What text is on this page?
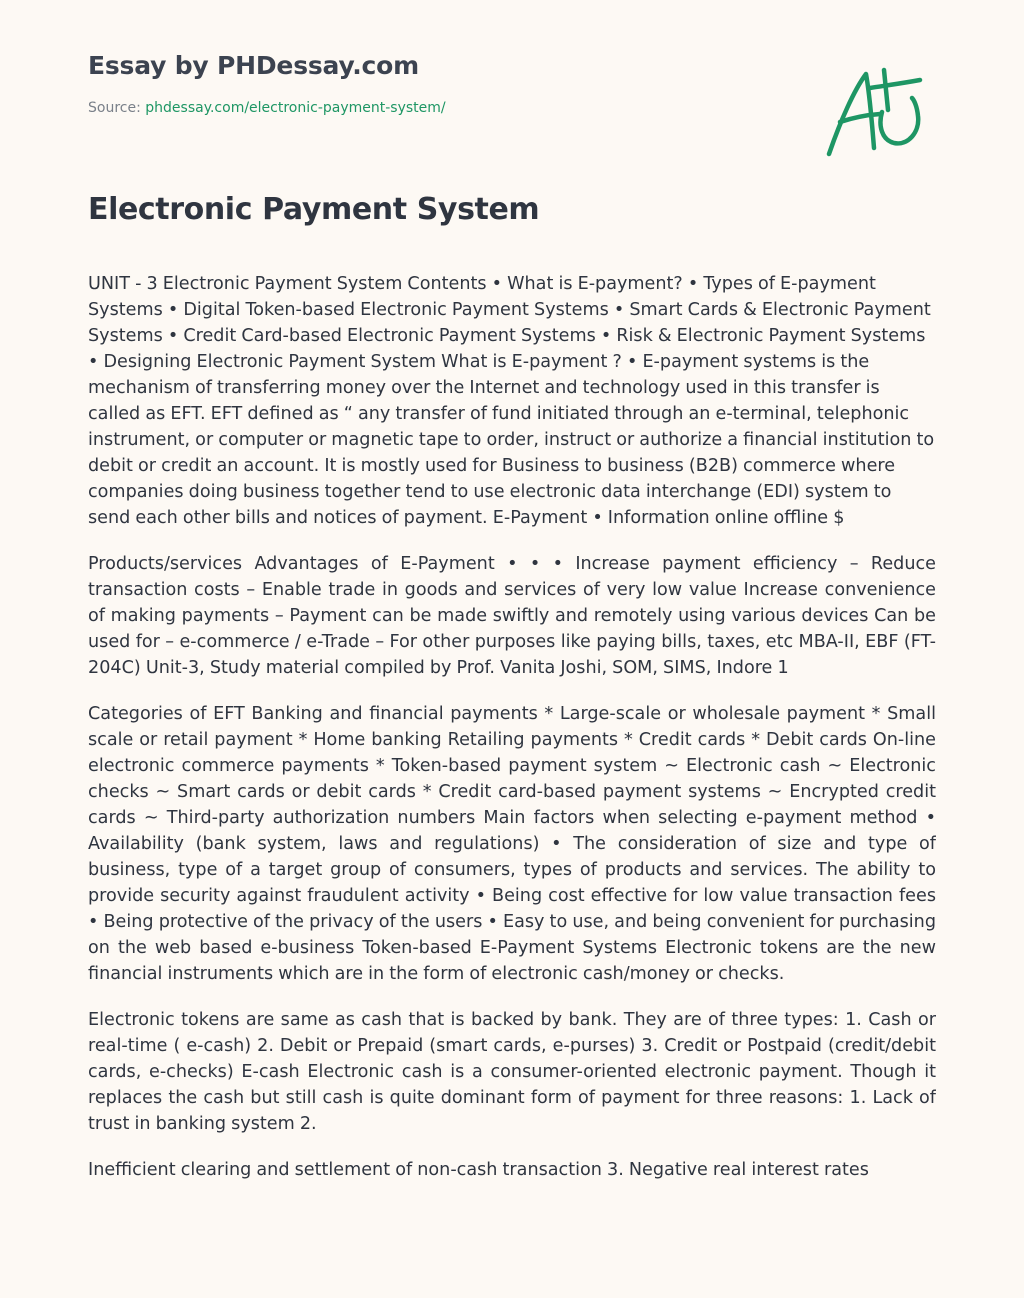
Essay by PHDessay.com
Source: phdessay.com/electronic-payment-system/
Electronic Payment System

UNIT - 3 Electronic Payment System Contents • What is E-payment? • Types of E-payment Systems • Digital Token-based Electronic Payment Systems • Smart Cards & Electronic Payment Systems • Credit Card-based Electronic Payment Systems • Risk & Electronic Payment Systems • Designing Electronic Payment System What is E-payment ? • E-payment systems is the mechanism of transferring money over the Internet and technology used in this transfer is called as EFT. EFT defined as “ any transfer of fund initiated through an e-terminal, telephonic instrument, or computer or magnetic tape to order, instruct or authorize a financial institution to debit or credit an account. It is mostly used for Business to business (B2B) commerce where companies doing business together tend to use electronic data interchange (EDI) system to send each other bills and notices of payment. E-Payment • Information online offline $

Products/services Advantages of E-Payment • • • Increase payment efficiency – Reduce transaction costs – Enable trade in goods and services of very low value Increase convenience of making payments – Payment can be made swiftly and remotely using various devices Can be used for – e-commerce / e-Trade – For other purposes like paying bills, taxes, etc MBA-II, EBF (FT-204C) Unit-3, Study material compiled by Prof. Vanita Joshi, SOM, SIMS, Indore 1

Categories of EFT Banking and financial payments * Large-scale or wholesale payment * Small scale or retail payment * Home banking Retailing payments * Credit cards * Debit cards On-line electronic commerce payments * Token-based payment system ~ Electronic cash ~ Electronic checks ~ Smart cards or debit cards * Credit card-based payment systems ~ Encrypted credit cards ~ Third-party authorization numbers Main factors when selecting e-payment method • Availability (bank system, laws and regulations) • The consideration of size and type of business, type of a target group of consumers, types of products and services. The ability to provide security against fraudulent activity • Being cost effective for low value transaction fees • Being protective of the privacy of the users • Easy to use, and being convenient for purchasing on the web based e-business Token-based E-Payment Systems Electronic tokens are the new financial instruments which are in the form of electronic cash/money or checks.

Electronic tokens are same as cash that is backed by bank. They are of three types: 1. Cash or real-time ( e-cash) 2. Debit or Prepaid (smart cards, e-purses) 3. Credit or Postpaid (credit/debit cards, e-checks) E-cash Electronic cash is a consumer-oriented electronic payment. Though it replaces the cash but still cash is quite dominant form of payment for three reasons: 1. Lack of trust in banking system 2.

Inefficient clearing and settlement of non-cash transaction 3. Negative real interest rates
